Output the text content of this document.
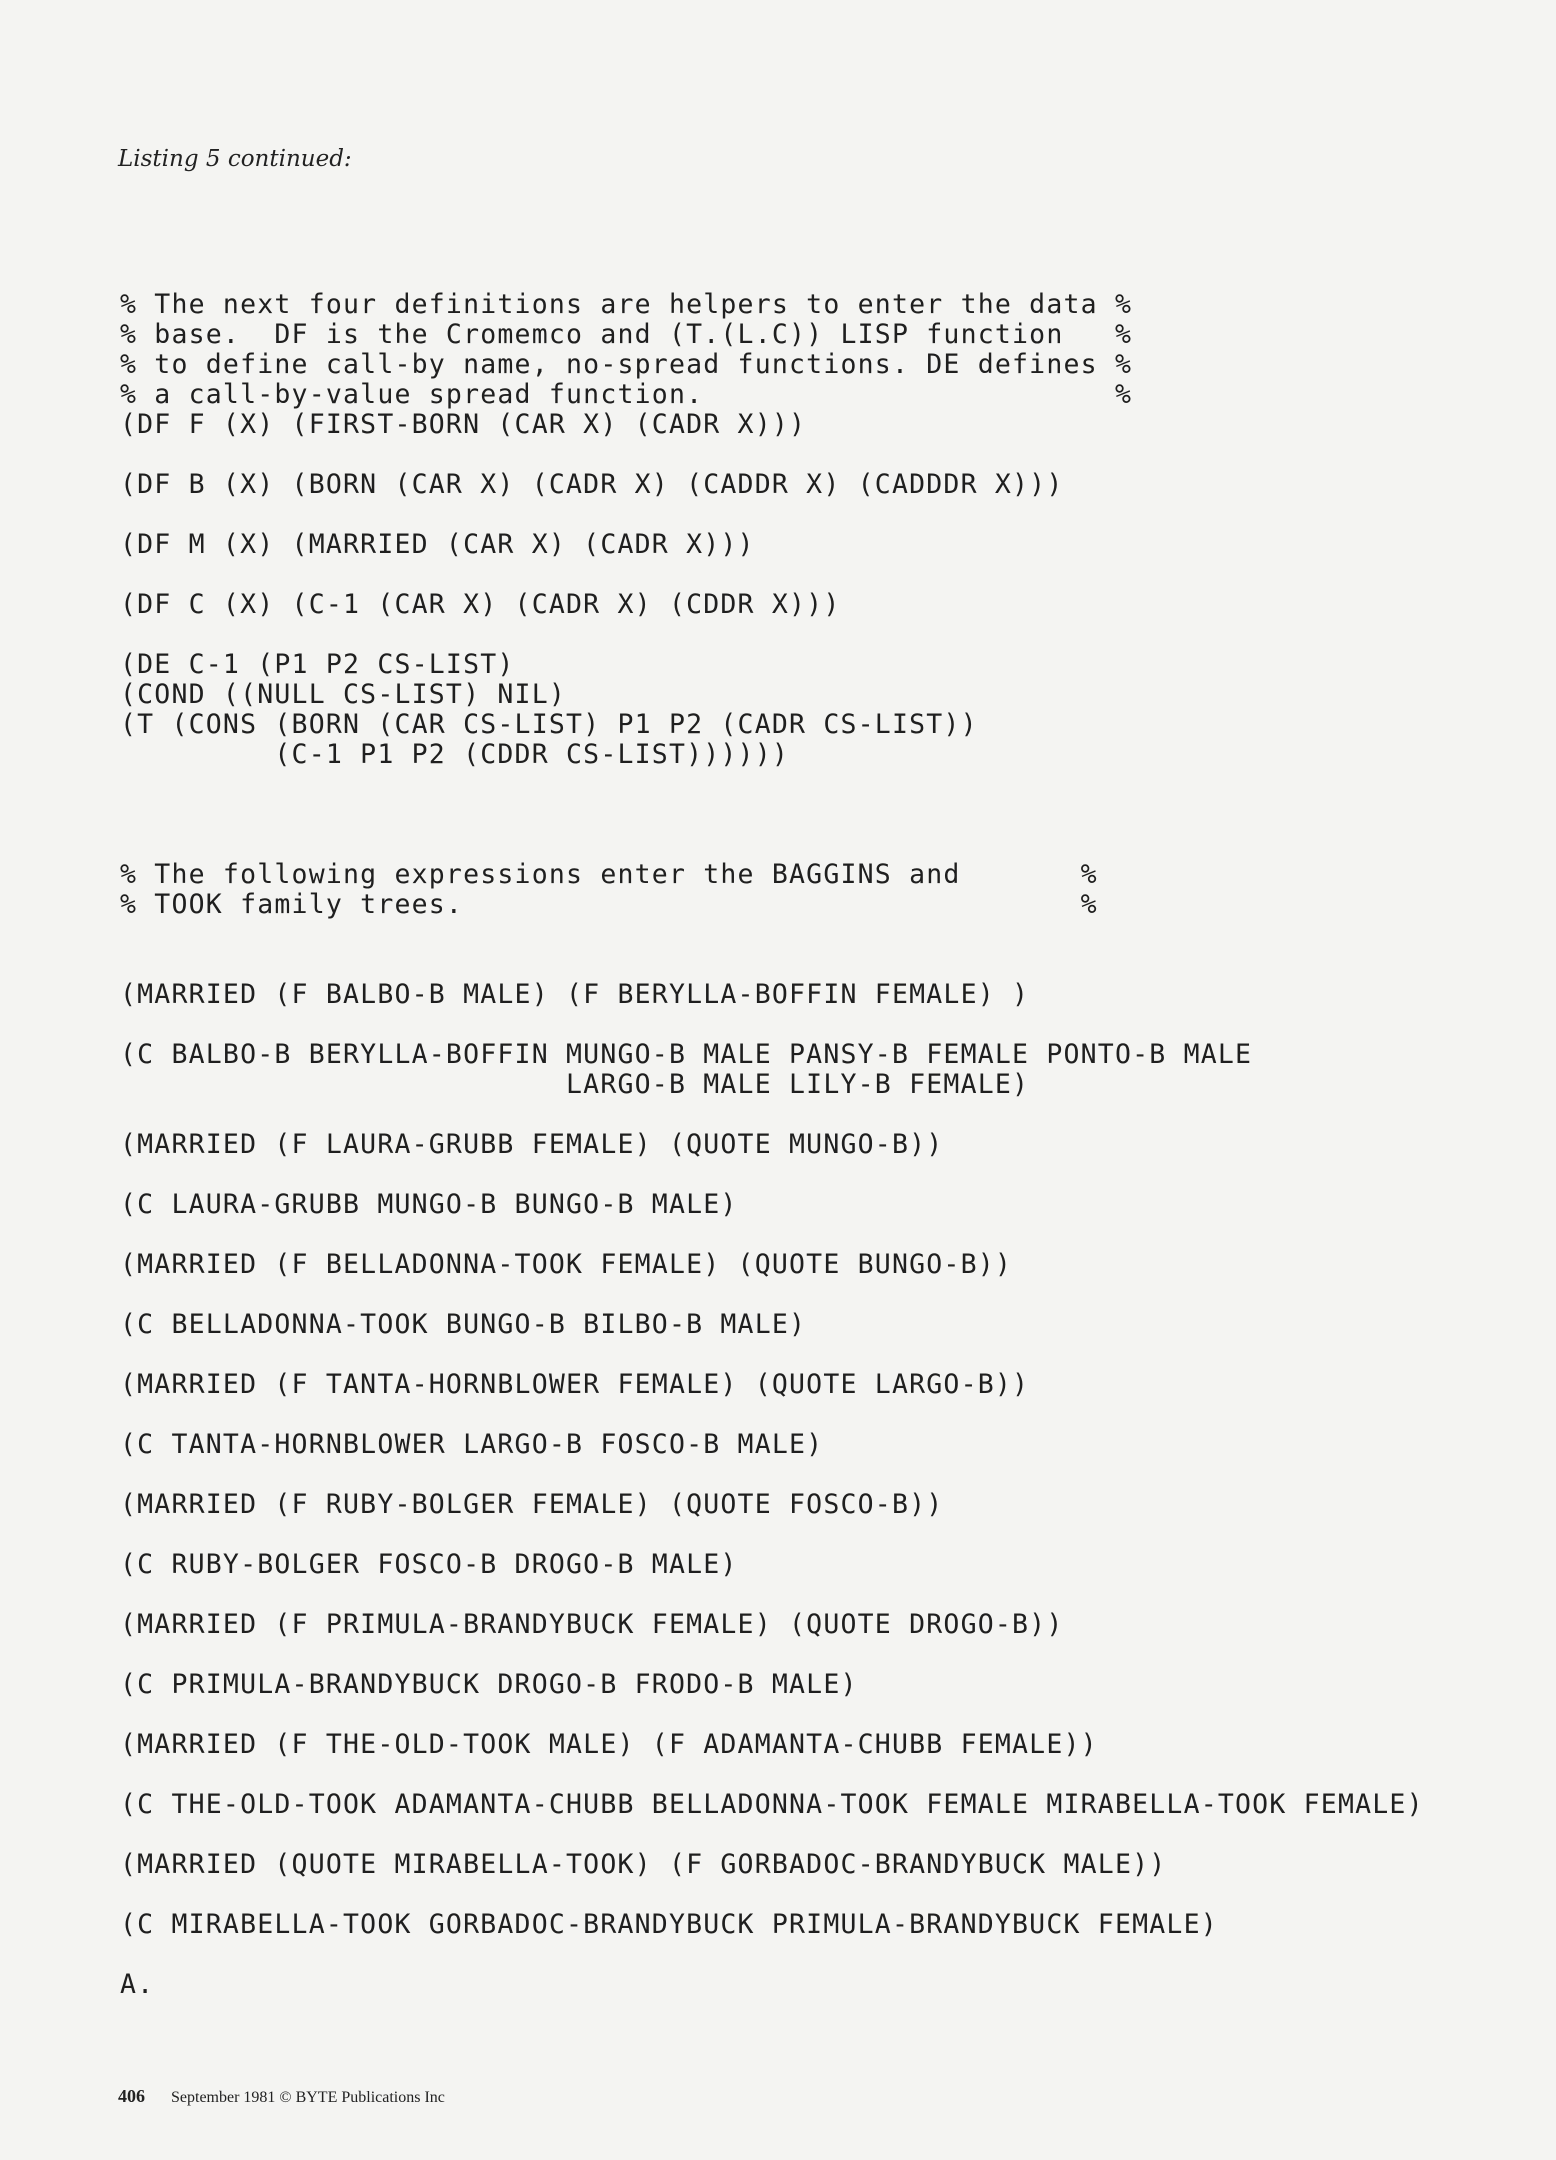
Listing 5 continued:

% The next four definitions are helpers to enter the data %
% base.  DF is the Cromemco and (T.(L.C)) LISP function   %
% to define call-by name, no-spread functions. DE defines %
% a call-by-value spread function.                        %
(DF F (X) (FIRST-BORN (CAR X) (CADR X)))
(DF B (X) (BORN (CAR X) (CADR X) (CADDR X) (CADDDR X)))
(DF M (X) (MARRIED (CAR X) (CADR X)))
(DF C (X) (C-1 (CAR X) (CADR X) (CDDR X)))
(DE C-1 (P1 P2 CS-LIST)
(COND ((NULL CS-LIST) NIL)
(T (CONS (BORN (CAR CS-LIST) P1 P2 (CADR CS-LIST))
(C-1 P1 P2 (CDDR CS-LIST))))))
% The following expressions enter the BAGGINS and       %
% TOOK family trees.                                    %
(MARRIED (F BALBO-B MALE) (F BERYLLA-BOFFIN FEMALE) )
(C BALBO-B BERYLLA-BOFFIN MUNGO-B MALE PANSY-B FEMALE PONTO-B MALE
LARGO-B MALE LILY-B FEMALE)
(MARRIED (F LAURA-GRUBB FEMALE) (QUOTE MUNGO-B))
(C LAURA-GRUBB MUNGO-B BUNGO-B MALE)
(MARRIED (F BELLADONNA-TOOK FEMALE) (QUOTE BUNGO-B))
(C BELLADONNA-TOOK BUNGO-B BILBO-B MALE)
(MARRIED (F TANTA-HORNBLOWER FEMALE) (QUOTE LARGO-B))
(C TANTA-HORNBLOWER LARGO-B FOSCO-B MALE)
(MARRIED (F RUBY-BOLGER FEMALE) (QUOTE FOSCO-B))
(C RUBY-BOLGER FOSCO-B DROGO-B MALE)
(MARRIED (F PRIMULA-BRANDYBUCK FEMALE) (QUOTE DROGO-B))
(C PRIMULA-BRANDYBUCK DROGO-B FRODO-B MALE)
(MARRIED (F THE-OLD-TOOK MALE) (F ADAMANTA-CHUBB FEMALE))
(C THE-OLD-TOOK ADAMANTA-CHUBB BELLADONNA-TOOK FEMALE MIRABELLA-TOOK FEMALE)
(MARRIED (QUOTE MIRABELLA-TOOK) (F GORBADOC-BRANDYBUCK MALE))
(C MIRABELLA-TOOK GORBADOC-BRANDYBUCK PRIMULA-BRANDYBUCK FEMALE)
A.
406 September 1981 © BYTE Publications Inc
